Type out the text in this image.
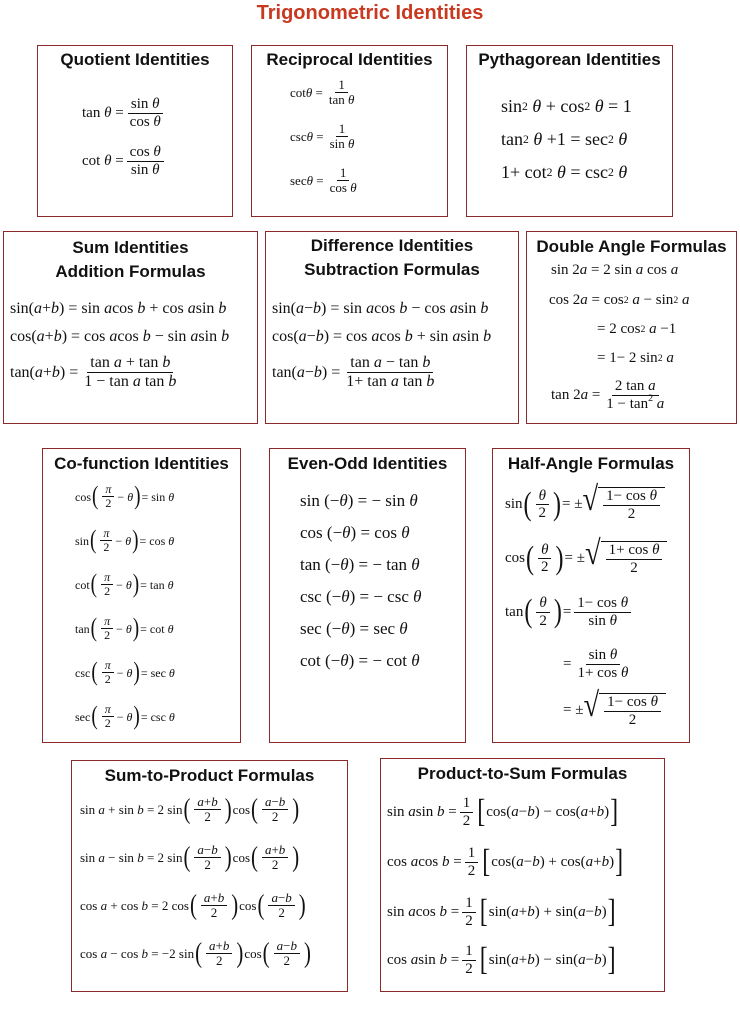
Trigonometric Identities
Quotient Identities
$\tan \theta = \frac{\text{sin θ}}{\text{cos θ}}$
$\cot \theta = \frac{\text{cos θ}}{\text{sin θ}}$
Reciprocal Identities
$\cot \theta = \frac{1}{\text{tan θ}}$
$\csc \theta = \frac{1}{\text{sin θ}}$
$\sec \theta = \frac{1}{\text{cos θ}}$
Pythagorean Identities
sin 2
θ + cos 2
θ = 1
tan 2
θ +1 = sec 2
θ
1+ cot 2
θ = csc 2
θ
Sum Identities
Addition Formulas
sin( a + b ) = sin a cos b + cos a sin b
cos( a + b ) = cos a cos b − sin a sin b
tan( a + b ) = $\frac{\text{tan a + tan b}}{\text{1 − tan a tan b}}$
Difference Identities
Subtraction Formulas
sin( a − b ) = sin a cos b − cos a sin b
cos( a − b ) = cos a cos b + sin a sin b
tan( a − b ) = $\frac{\text{tan a − tan b}}{\text{1+ tan a tan b}}$
Double Angle Formulas
sin 2 a = 2 sin a cos a
cos 2 a = cos 2
a − sin 2
a
= 2 cos 2
a −1
= 1− 2 sin 2
a
tan 2 $a = \frac{\text{2 tan a}}{1 - \tan^2 a}$
Co-function Identities
cos ( $\frac{\pi}{2} - \theta$ ) = sin θ
sin ( $\frac{\pi}{2} - \theta$ ) = cos θ
cot ( $\frac{\pi}{2} - \theta$ ) = tan θ
tan ( $\frac{\pi}{2} - \theta$ ) = cot θ
csc ( $\frac{\pi}{2} - \theta$ ) = sec θ
sec ( $\frac{\pi}{2} - \theta$ ) = csc θ
Even-Odd Identities
sin (− θ ) = − sin θ
cos (− θ ) = cos θ
tan (− θ ) = − tan θ
csc (− θ ) = − csc θ
sec (− θ ) = sec θ
cot (− θ ) = − cot θ
Half-Angle Formulas
sin ( $\frac{\theta}{2}$ ) = ± √ $\frac{\text{1− cos θ}}{2}$
cos ( $\frac{\theta}{2}$ ) = ± √ $\frac{\text{1+ cos θ}}{2}$
tan ( $\frac{\theta}{2}$ ) = $\frac{\text{1− cos θ}}{\text{sin θ}}$
= $\frac{\text{sin θ}}{\text{1+ cos θ}}$
= ± √ $\frac{\text{1− cos θ}}{2}$
Sum-to-Product Formulas
sin a + sin b = 2 sin ( $\frac{a+b}{2}$ ) cos ( $\frac{a-b}{2}$ )
sin a − sin b = 2 sin ( $\frac{a-b}{2}$ ) cos ( $\frac{a+b}{2}$ )
cos a + cos b = 2 cos ( $\frac{a+b}{2}$ ) cos ( $\frac{a-b}{2}$ )
cos a − cos b = −2 sin ( $\frac{a+b}{2}$ ) cos ( $\frac{a-b}{2}$ )
Product-to-Sum Formulas
sin a $\sin b = \frac{1}{2}$ [ cos( a − b ) − cos( a + b ) ]
cos a $\cos b = \frac{1}{2}$ [ cos( a − b ) + cos( a + b ) ]
sin a $\cos b = \frac{1}{2}$ [ sin( a + b ) + sin( a − b ) ]
cos a $\sin b = \frac{1}{2}$ [ sin( a + b ) − sin( a − b ) ]
